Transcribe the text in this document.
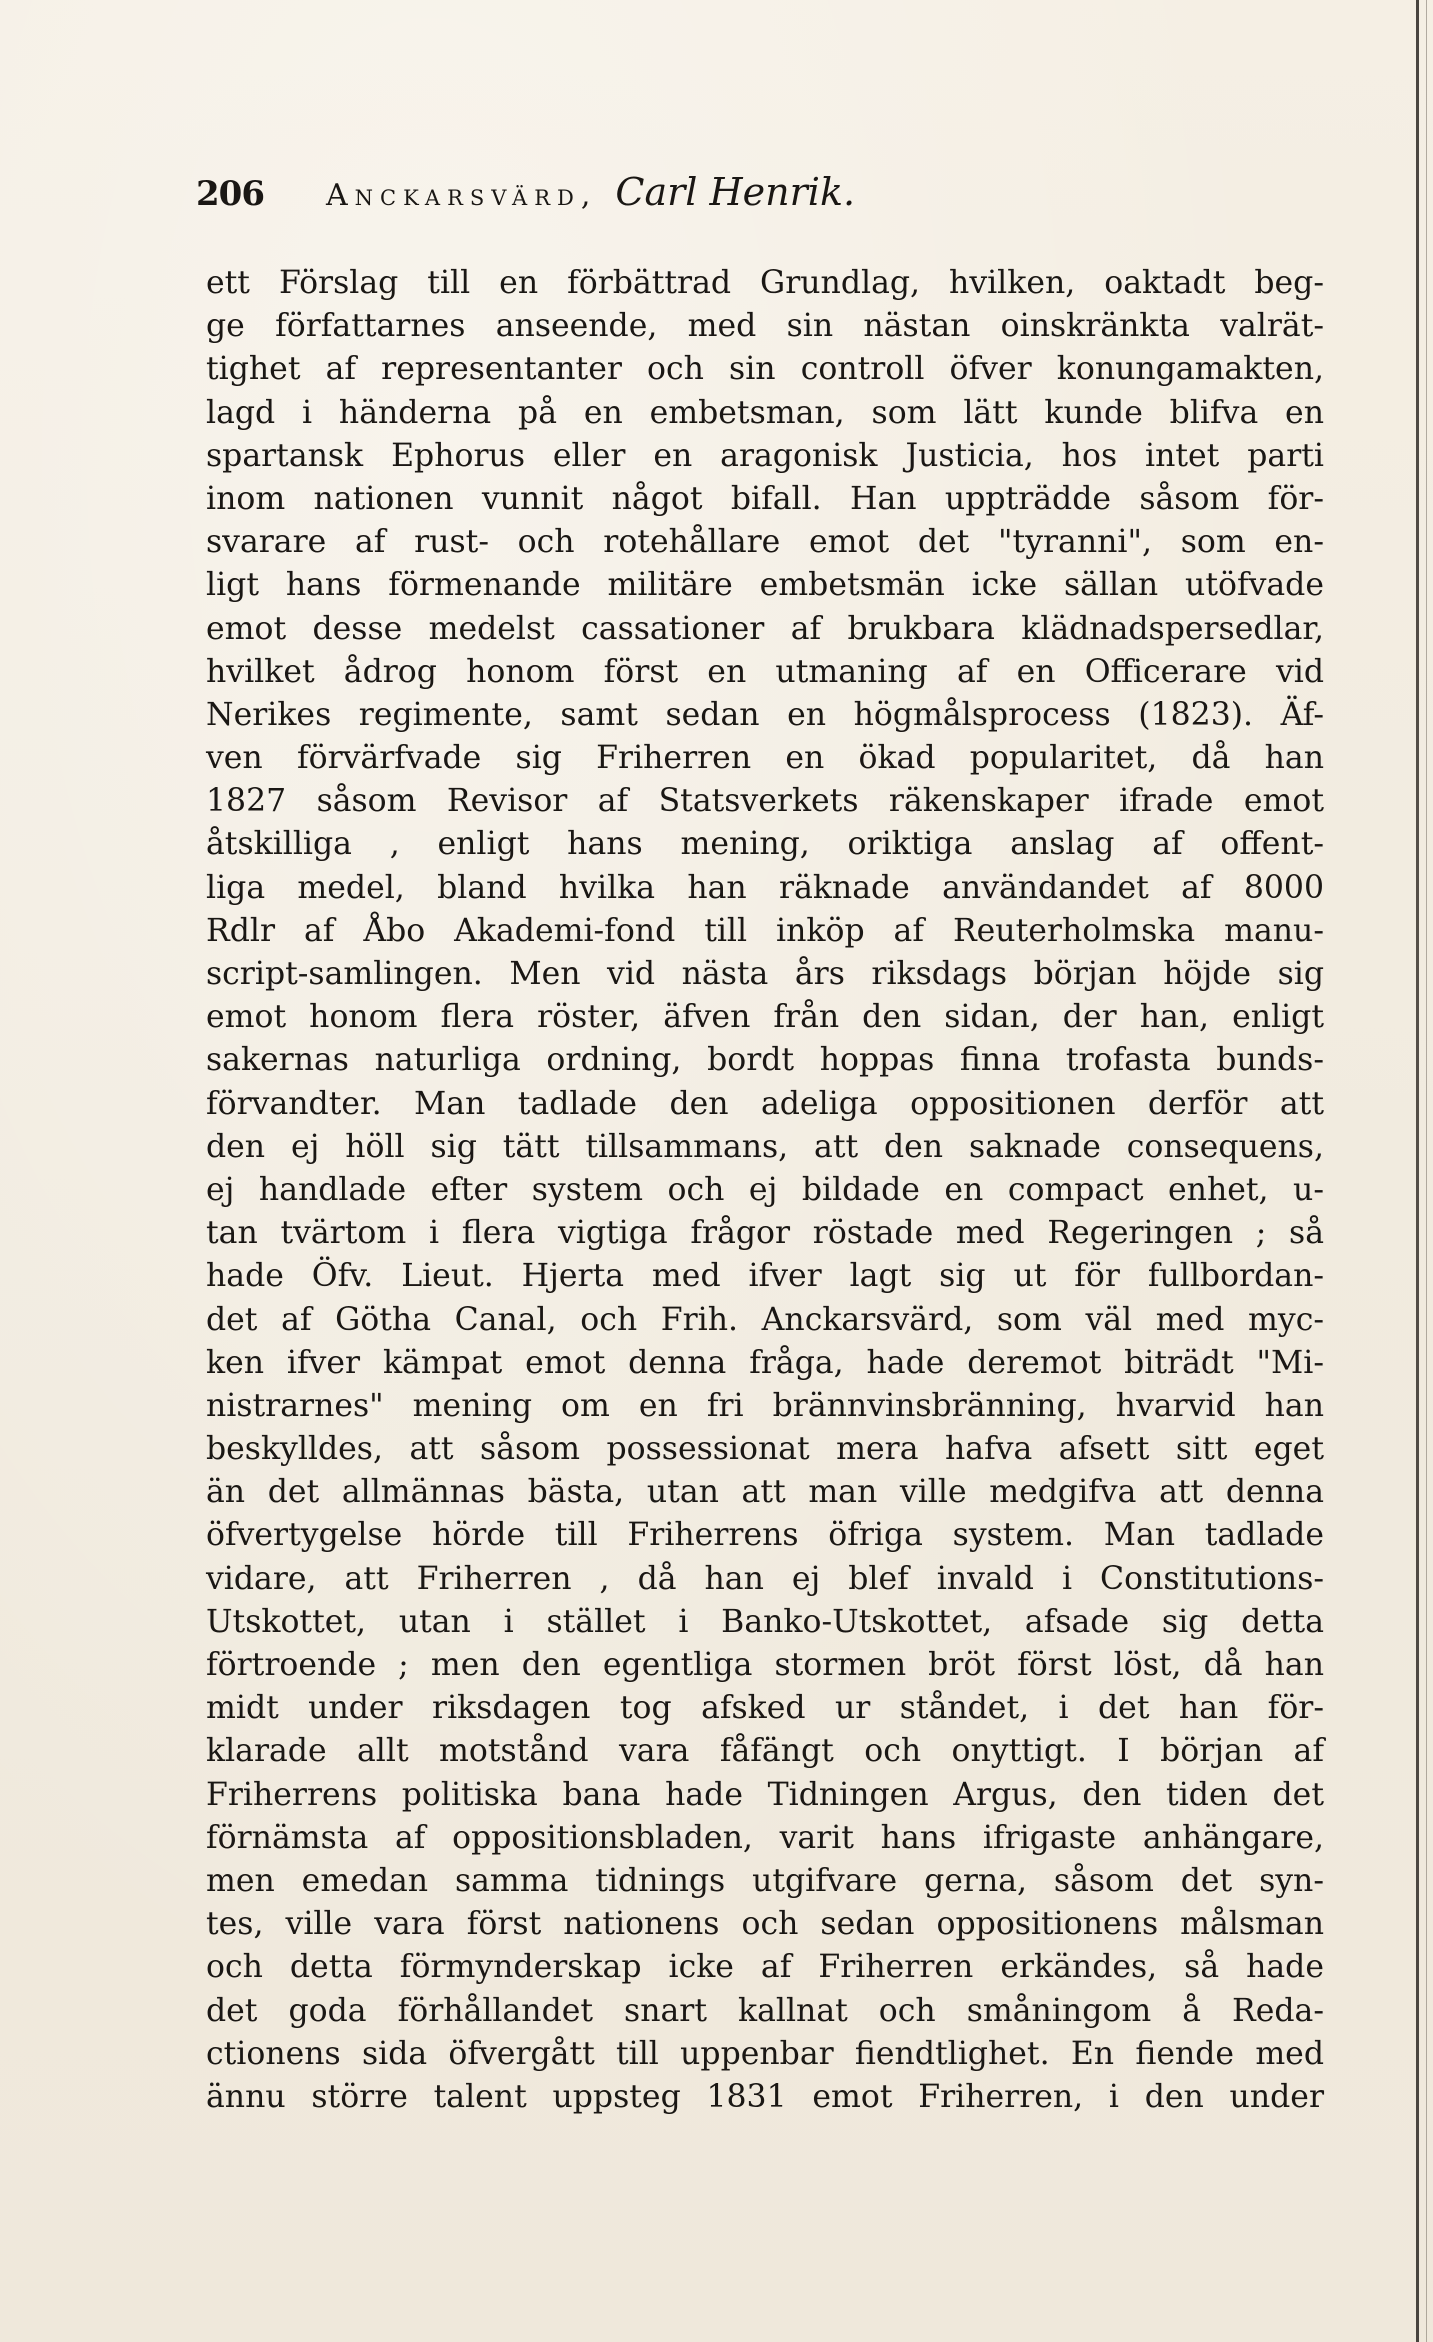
206 Anckarsvärd, Carl Henrik.
ett Förslag till en förbättrad Grundlag, hvilken, oaktadt beg-
ge författarnes anseende, med sin nästan oinskränkta valrät-
tighet af representanter och sin controll öfver konungamakten,
lagd i händerna på en embetsman, som lätt kunde blifva en
spartansk Ephorus eller en aragonisk Justicia, hos intet parti
inom nationen vunnit något bifall. Han uppträdde såsom för-
svarare af rust- och rotehållare emot det "tyranni", som en-
ligt hans förmenande militäre embetsmän icke sällan utöfvade
emot desse medelst cassationer af brukbara klädnadspersedlar,
hvilket ådrog honom först en utmaning af en Officerare vid
Nerikes regimente, samt sedan en högmålsprocess (1823). Äf-
ven förvärfvade sig Friherren en ökad popularitet, då han
1827 såsom Revisor af Statsverkets räkenskaper ifrade emot
åtskilliga , enligt hans mening, oriktiga anslag af offent-
liga medel, bland hvilka han räknade användandet af 8000
Rdlr af Åbo Akademi-fond till inköp af Reuterholmska manu-
script-samlingen. Men vid nästa års riksdags början höjde sig
emot honom flera röster, äfven från den sidan, der han, enligt
sakernas naturliga ordning, bordt hoppas finna trofasta bunds-
förvandter. Man tadlade den adeliga oppositionen derför att
den ej höll sig tätt tillsammans, att den saknade consequens,
ej handlade efter system och ej bildade en compact enhet, u-
tan tvärtom i flera vigtiga frågor röstade med Regeringen ; så
hade Öfv. Lieut. Hjerta med ifver lagt sig ut för fullbordan-
det af Götha Canal, och Frih. Anckarsvärd, som väl med myc-
ken ifver kämpat emot denna fråga, hade deremot biträdt "Mi-
nistrarnes" mening om en fri brännvinsbränning, hvarvid han
beskylldes, att såsom possessionat mera hafva afsett sitt eget
än det allmännas bästa, utan att man ville medgifva att denna
öfvertygelse hörde till Friherrens öfriga system. Man tadlade
vidare, att Friherren , då han ej blef invald i Constitutions-
Utskottet, utan i stället i Banko-Utskottet, afsade sig detta
förtroende ; men den egentliga stormen bröt först löst, då han
midt under riksdagen tog afsked ur ståndet, i det han för-
klarade allt motstånd vara fåfängt och onyttigt. I början af
Friherrens politiska bana hade Tidningen Argus, den tiden det
förnämsta af oppositionsbladen, varit hans ifrigaste anhängare,
men emedan samma tidnings utgifvare gerna, såsom det syn-
tes, ville vara först nationens och sedan oppositionens målsman
och detta förmynderskap icke af Friherren erkändes, så hade
det goda förhållandet snart kallnat och småningom å Reda-
ctionens sida öfvergått till uppenbar fiendtlighet. En fiende med
ännu större talent uppsteg 1831 emot Friherren, i den under
